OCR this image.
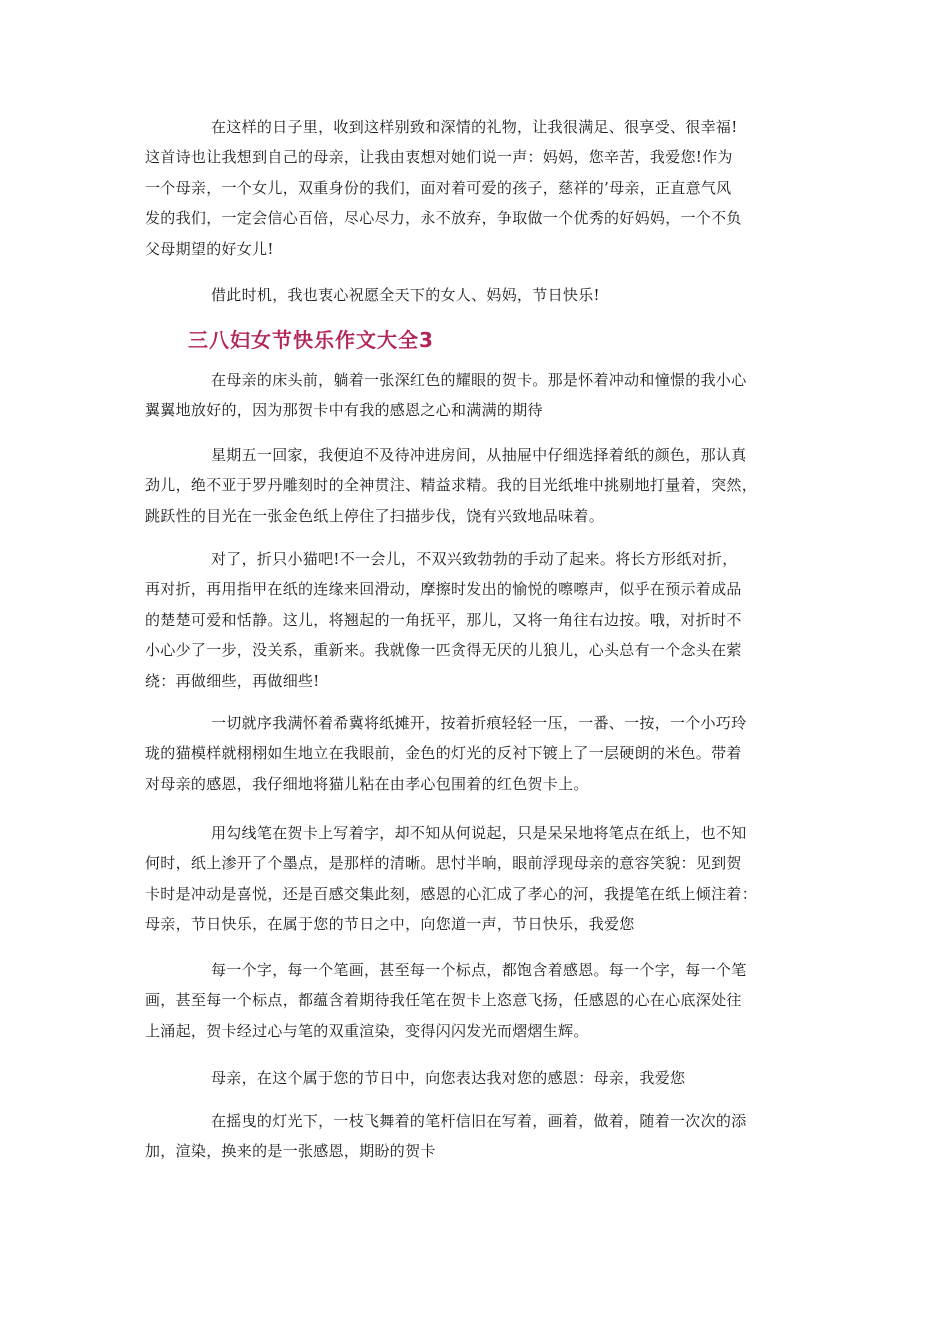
在这样的日子里，收到这样别致和深情的礼物，让我很满足、很享受、很幸福!
这首诗也让我想到自己的母亲，让我由衷想对她们说一声：妈妈，您辛苦，我爱您!作为
一个母亲，一个女儿，双重身份的我们，面对着可爱的孩子，慈祥的’母亲，正直意气风
发的我们，一定会信心百倍，尽心尽力，永不放弃，争取做一个优秀的好妈妈，一个不负
父母期望的好女儿!

借此时机，我也衷心祝愿全天下的女人、妈妈，节日快乐!

三八妇女节快乐作文大全3

在母亲的床头前，躺着一张深红色的耀眼的贺卡。那是怀着冲动和憧憬的我小心
翼翼地放好的，因为那贺卡中有我的感恩之心和满满的期待

星期五一回家，我便迫不及待冲进房间，从抽屉中仔细选择着纸的颜色，那认真
劲儿，绝不亚于罗丹雕刻时的全神贯注、精益求精。我的目光纸堆中挑剔地打量着，突然，
跳跃性的目光在一张金色纸上停住了扫描步伐，饶有兴致地品味着。

对了，折只小猫吧!不一会儿，不双兴致勃勃的手动了起来。将长方形纸对折，
再对折，再用指甲在纸的连缘来回滑动，摩擦时发出的愉悦的嚓嚓声，似乎在预示着成品
的楚楚可爱和恬静。这儿，将翘起的一角抚平，那儿，又将一角往右边按。哦，对折时不
小心少了一步，没关系，重新来。我就像一匹贪得无厌的儿狼儿，心头总有一个念头在萦
绕：再做细些，再做细些!

一切就序我满怀着希冀将纸摊开，按着折痕轻轻一压，一番、一按，一个小巧玲
珑的猫模样就栩栩如生地立在我眼前，金色的灯光的反衬下镀上了一层硬朗的米色。带着
对母亲的感恩，我仔细地将猫儿粘在由孝心包围着的红色贺卡上。

用勾线笔在贺卡上写着字，却不知从何说起，只是呆呆地将笔点在纸上，也不知
何时，纸上渗开了个墨点，是那样的清晰。思忖半晌，眼前浮现母亲的意容笑貌：见到贺
卡时是冲动是喜悦，还是百感交集此刻，感恩的心汇成了孝心的河，我提笔在纸上倾注着：
母亲，节日快乐，在属于您的节日之中，向您道一声，节日快乐，我爱您

每一个字，每一个笔画，甚至每一个标点，都饱含着感恩。每一个字，每一个笔
画，甚至每一个标点，都蕴含着期待我任笔在贺卡上恣意飞扬，任感恩的心在心底深处往
上涌起，贺卡经过心与笔的双重渲染，变得闪闪发光而熠熠生辉。

母亲，在这个属于您的节日中，向您表达我对您的感恩：母亲，我爱您

在摇曳的灯光下，一枝飞舞着的笔杆信旧在写着，画着，做着，随着一次次的添
加，渲染，换来的是一张感恩，期盼的贺卡
